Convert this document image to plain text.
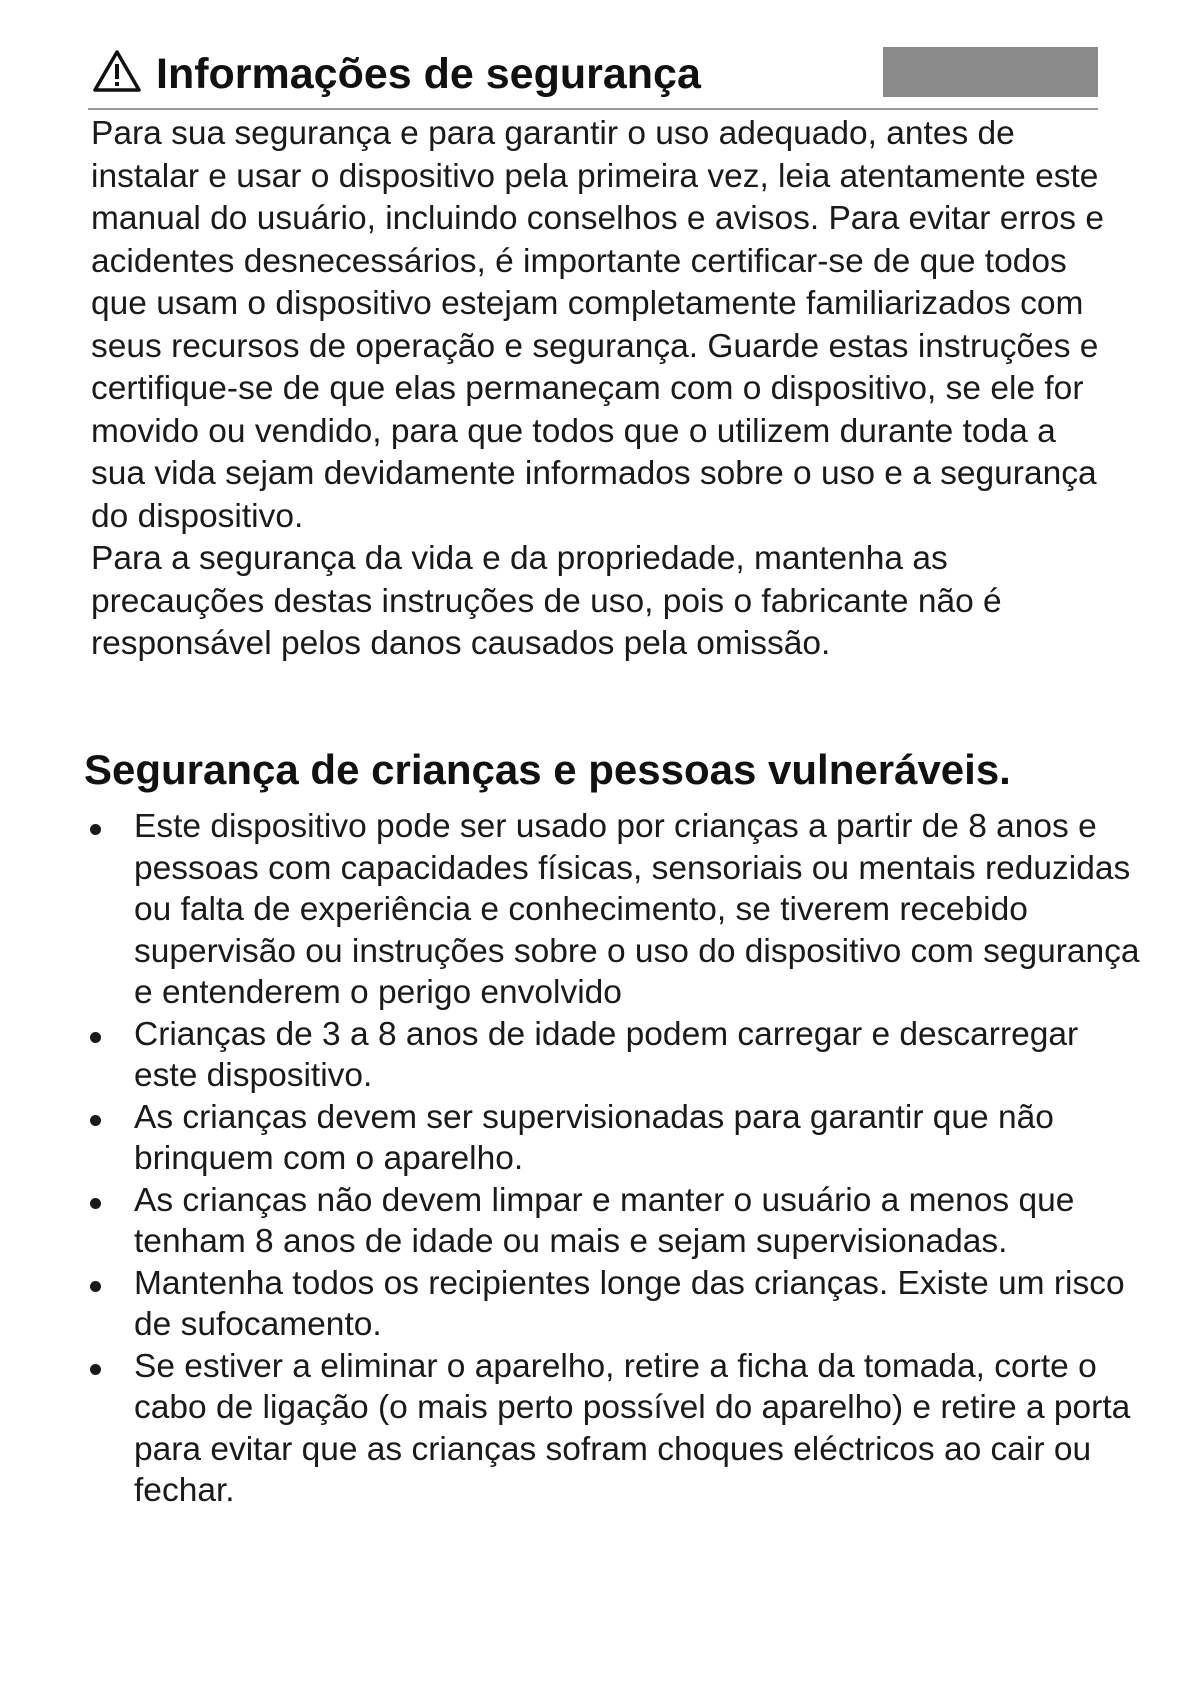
Informações de segurança

Para sua segurança e para garantir o uso adequado, antes de instalar e usar o dispositivo pela primeira vez, leia atentamente este manual do usuário, incluindo conselhos e avisos. Para evitar erros e acidentes desnecessários, é importante certificar-se de que todos que usam o dispositivo estejam completamente familiarizados com seus recursos de operação e segurança. Guarde estas instruções e certifique-se de que elas permaneçam com o dispositivo, se ele for movido ou vendido, para que todos que o utilizem durante toda a sua vida sejam devidamente informados sobre o uso e a segurança do dispositivo.

Para a segurança da vida e da propriedade, mantenha as precauções destas instruções de uso, pois o fabricante não é responsável pelos danos causados pela omissão.

Segurança de crianças e pessoas vulneráveis.
Este dispositivo pode ser usado por crianças a partir de 8 anos e pessoas com capacidades físicas, sensoriais ou mentais reduzidas ou falta de experiência e conhecimento, se tiverem recebido supervisão ou instruções sobre o uso do dispositivo com segurança e entenderem o perigo envolvido
Crianças de 3 a 8 anos de idade podem carregar e descarregar este dispositivo.
As crianças devem ser supervisionadas para garantir que não brinquem com o aparelho.
As crianças não devem limpar e manter o usuário a menos que tenham 8 anos de idade ou mais e sejam supervisionadas.
Mantenha todos os recipientes longe das crianças. Existe um risco de sufocamento.
Se estiver a eliminar o aparelho, retire a ficha da tomada, corte o cabo de ligação (o mais perto possível do aparelho) e retire a porta para evitar que as crianças sofram choques eléctricos ao cair ou fechar.
